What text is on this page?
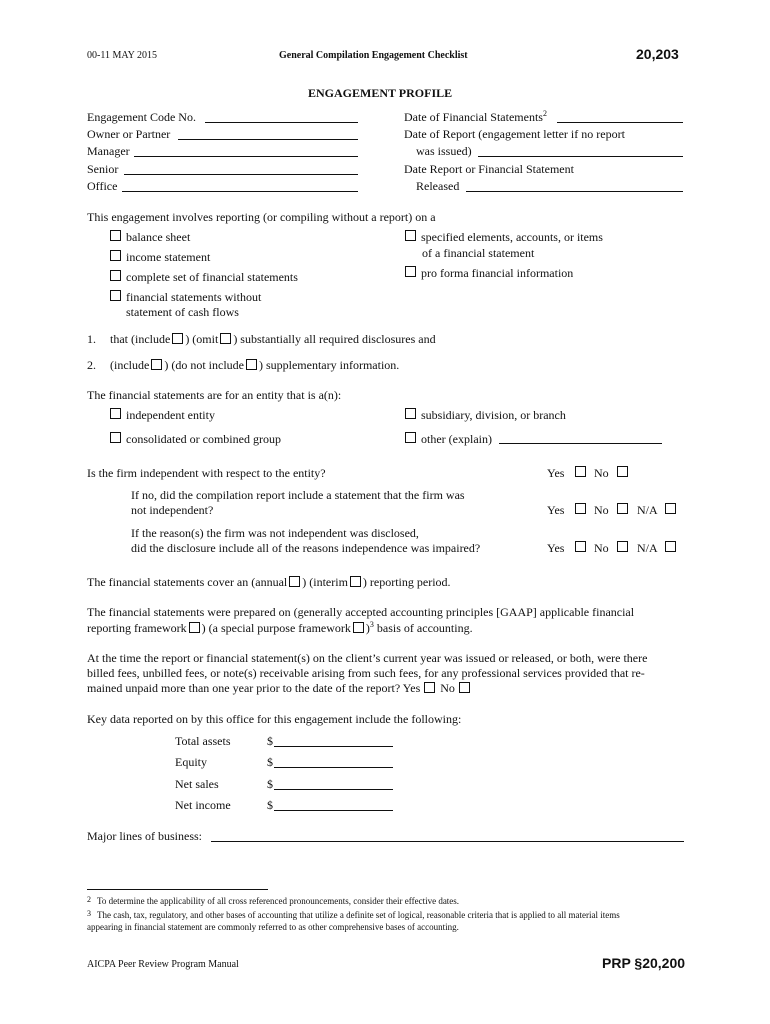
00-11 MAY 2015	General Compilation Engagement Checklist	20,203
ENGAGEMENT PROFILE
Engagement Code No.
Owner or Partner
Manager
Senior
Office
Date of Financial Statements$^2$
Date of Report (engagement letter if no report
was issued)
Date Report or Financial Statement
Released
This engagement involves reporting (or compiling without a report) on a
balance sheet
income statement
complete set of financial statements
financial statements without
statement of cash flows
specified elements, accounts, or items
of a financial statement
pro forma financial information
1. that (include ) (omit ) substantially all required disclosures and
2. (include ) (do not include ) supplementary information.
The financial statements are for an entity that is a(n):
independent entity
consolidated or combined group
subsidiary, division, or branch
other (explain)
Is the firm independent with respect to the entity?	Yes No
If no, did the compilation report include a statement that the firm was
not independent?	Yes No N/A
If the reason(s) the firm was not independent was disclosed,
did the disclosure include all of the reasons independence was impaired?	Yes No N/A
The financial statements cover an (annual ) (interim ) reporting period.
The financial statements were prepared on (generally accepted accounting principles [GAAP] applicable financial
reporting framework ) (a special purpose framework )$^3$ basis of accounting.
At the time the report or financial statement(s) on the client’s current year was issued or released, or both, were there
billed fees, unbilled fees, or note(s) receivable arising from such fees, for any professional services provided that re-
mained unpaid more than one year prior to the date of the report? Yes No
Key data reported on by this office for this engagement include the following:
Total assets	$
Equity	$
Net sales	$
Net income	$
Major lines of business:
2 To determine the applicability of all cross referenced pronouncements, consider their effective dates.
3 The cash, tax, regulatory, and other bases of accounting that utilize a definite set of logical, reasonable criteria that is applied to all material items
appearing in financial statement are commonly referred to as other comprehensive bases of accounting.
AICPA Peer Review Program Manual	PRP §20,200
